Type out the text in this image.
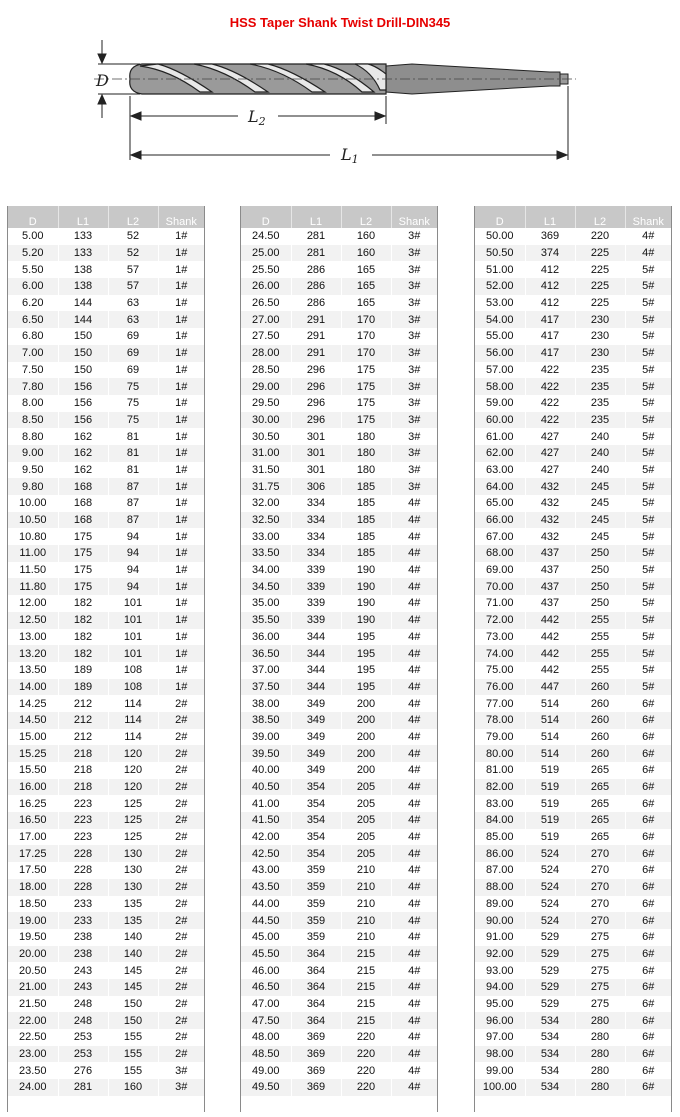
HSS Taper Shank Twist Drill-DIN345
D
L2
L1
D	L1	L2	Shank
5.00	133	52	1#
5.20	133	52	1#
5.50	138	57	1#
6.00	138	57	1#
6.20	144	63	1#
6.50	144	63	1#
6.80	150	69	1#
7.00	150	69	1#
7.50	150	69	1#
7.80	156	75	1#
8.00	156	75	1#
8.50	156	75	1#
8.80	162	81	1#
9.00	162	81	1#
9.50	162	81	1#
9.80	168	87	1#
10.00	168	87	1#
10.50	168	87	1#
10.80	175	94	1#
11.00	175	94	1#
11.50	175	94	1#
11.80	175	94	1#
12.00	182	101	1#
12.50	182	101	1#
13.00	182	101	1#
13.20	182	101	1#
13.50	189	108	1#
14.00	189	108	1#
14.25	212	114	2#
14.50	212	114	2#
15.00	212	114	2#
15.25	218	120	2#
15.50	218	120	2#
16.00	218	120	2#
16.25	223	125	2#
16.50	223	125	2#
17.00	223	125	2#
17.25	228	130	2#
17.50	228	130	2#
18.00	228	130	2#
18.50	233	135	2#
19.00	233	135	2#
19.50	238	140	2#
20.00	238	140	2#
20.50	243	145	2#
21.00	243	145	2#
21.50	248	150	2#
22.00	248	150	2#
22.50	253	155	2#
23.00	253	155	2#
23.50	276	155	3#
24.00	281	160	3#
D	L1	L2	Shank
24.50	281	160	3#
25.00	281	160	3#
25.50	286	165	3#
26.00	286	165	3#
26.50	286	165	3#
27.00	291	170	3#
27.50	291	170	3#
28.00	291	170	3#
28.50	296	175	3#
29.00	296	175	3#
29.50	296	175	3#
30.00	296	175	3#
30.50	301	180	3#
31.00	301	180	3#
31.50	301	180	3#
31.75	306	185	3#
32.00	334	185	4#
32.50	334	185	4#
33.00	334	185	4#
33.50	334	185	4#
34.00	339	190	4#
34.50	339	190	4#
35.00	339	190	4#
35.50	339	190	4#
36.00	344	195	4#
36.50	344	195	4#
37.00	344	195	4#
37.50	344	195	4#
38.00	349	200	4#
38.50	349	200	4#
39.00	349	200	4#
39.50	349	200	4#
40.00	349	200	4#
40.50	354	205	4#
41.00	354	205	4#
41.50	354	205	4#
42.00	354	205	4#
42.50	354	205	4#
43.00	359	210	4#
43.50	359	210	4#
44.00	359	210	4#
44.50	359	210	4#
45.00	359	210	4#
45.50	364	215	4#
46.00	364	215	4#
46.50	364	215	4#
47.00	364	215	4#
47.50	364	215	4#
48.00	369	220	4#
48.50	369	220	4#
49.00	369	220	4#
49.50	369	220	4#
D	L1	L2	Shank
50.00	369	220	4#
50.50	374	225	4#
51.00	412	225	5#
52.00	412	225	5#
53.00	412	225	5#
54.00	417	230	5#
55.00	417	230	5#
56.00	417	230	5#
57.00	422	235	5#
58.00	422	235	5#
59.00	422	235	5#
60.00	422	235	5#
61.00	427	240	5#
62.00	427	240	5#
63.00	427	240	5#
64.00	432	245	5#
65.00	432	245	5#
66.00	432	245	5#
67.00	432	245	5#
68.00	437	250	5#
69.00	437	250	5#
70.00	437	250	5#
71.00	437	250	5#
72.00	442	255	5#
73.00	442	255	5#
74.00	442	255	5#
75.00	442	255	5#
76.00	447	260	5#
77.00	514	260	6#
78.00	514	260	6#
79.00	514	260	6#
80.00	514	260	6#
81.00	519	265	6#
82.00	519	265	6#
83.00	519	265	6#
84.00	519	265	6#
85.00	519	265	6#
86.00	524	270	6#
87.00	524	270	6#
88.00	524	270	6#
89.00	524	270	6#
90.00	524	270	6#
91.00	529	275	6#
92.00	529	275	6#
93.00	529	275	6#
94.00	529	275	6#
95.00	529	275	6#
96.00	534	280	6#
97.00	534	280	6#
98.00	534	280	6#
99.00	534	280	6#
100.00	534	280	6#
